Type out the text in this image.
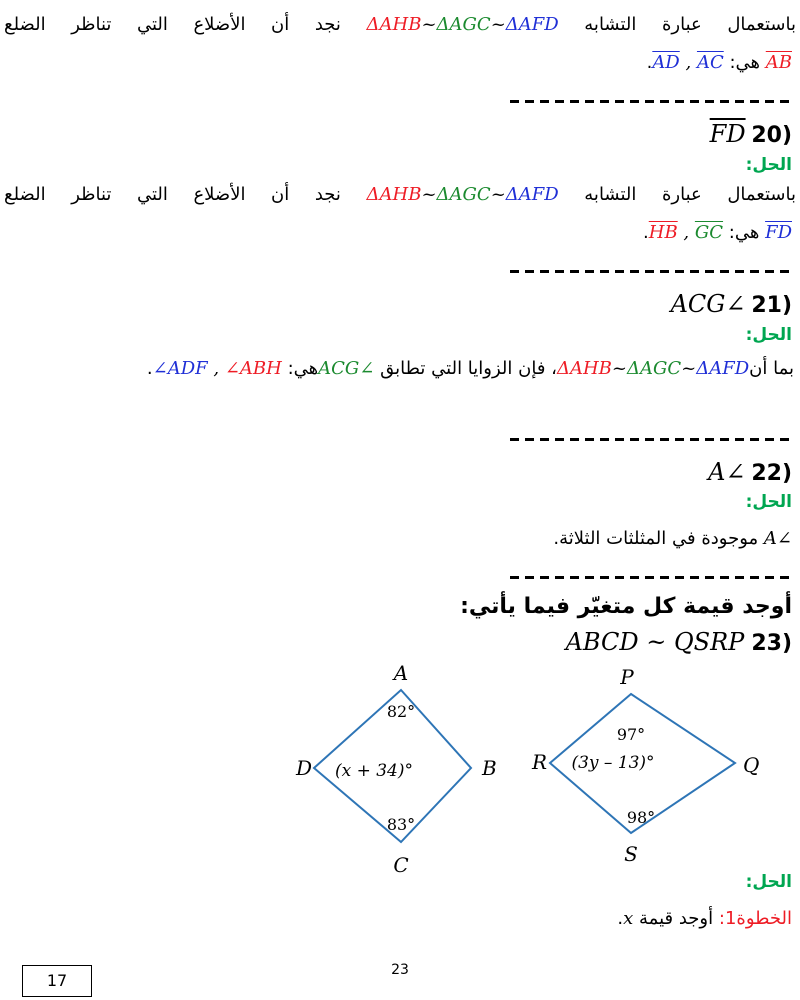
باستعمال عبارة التشابه ΔAHB~ΔAGC~ΔAFD نجد أن الأضلاع التي تناظر الضلع
AB هي: $\overline{AD}$ , $\overline{AC}$.
(20 FD
الحل:
باستعمال عبارة التشابه ΔAHB~ΔAGC~ΔAFD نجد أن الأضلاع التي تناظر الضلع
FD هي: $\overline{HB}$ , $\overline{GC}$.
(21 ∠ACG
الحل:
بما أنΔAHB~ΔAGC~ΔAFD، فإن الزوايا التي تطابق ∠ACGهي: ∠ADF , ∠ABH.
(22 ∠A
الحل:
∠A موجودة في المثلثات الثلاثة.
أوجد قيمة كل متغيّر فيما يأتي:
(23 ABCD ~ QSRP
A
B
C
D
82°
(x + 34)°
83°
P
Q
R
S
97°
(3y – 13)°
98°
الحل:
الخطوة1: أوجد قيمة x.
23
17
